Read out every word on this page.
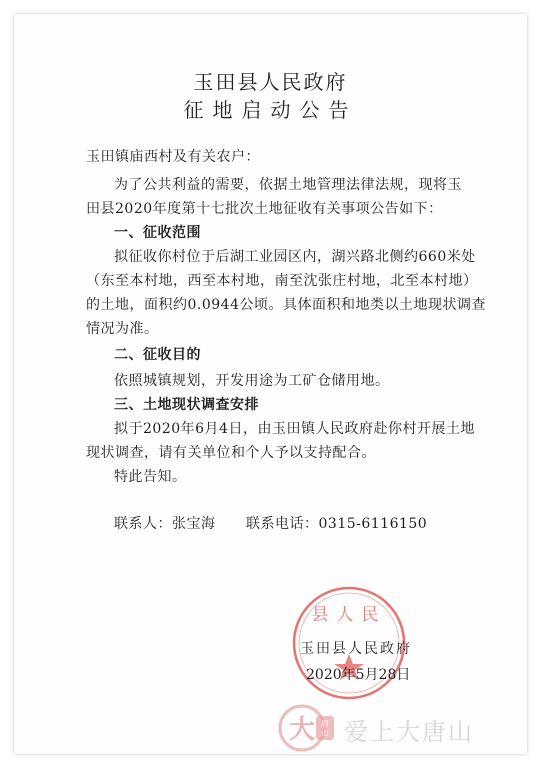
玉田县人民政府
征地启动公告
玉田镇庙西村及有关农户：
为了公共利益的需要，依据土地管理法律法规，现将玉
田县2020年度第十七批次土地征收有关事项公告如下：
一、征收范围
拟征收你村位于后湖工业园区内，湖兴路北侧约660米处
（东至本村地，西至本村地，南至沈张庄村地，北至本村地）
的土地，面积约0.0944公顷。具体面积和地类以土地现状调查
情况为准。
二、征收目的
依照城镇规划，开发用途为工矿仓储用地。
三、土地现状调查安排
拟于2020年6月4日，由玉田镇人民政府赴你村开展土地
现状调查，请有关单位和个人予以支持配合。
特此告知。
联系人：张宝海 联系电话：0315-6116150
县人民
玉田县人民政府
2020年5月28日
大 唐
山 爱上大唐山
